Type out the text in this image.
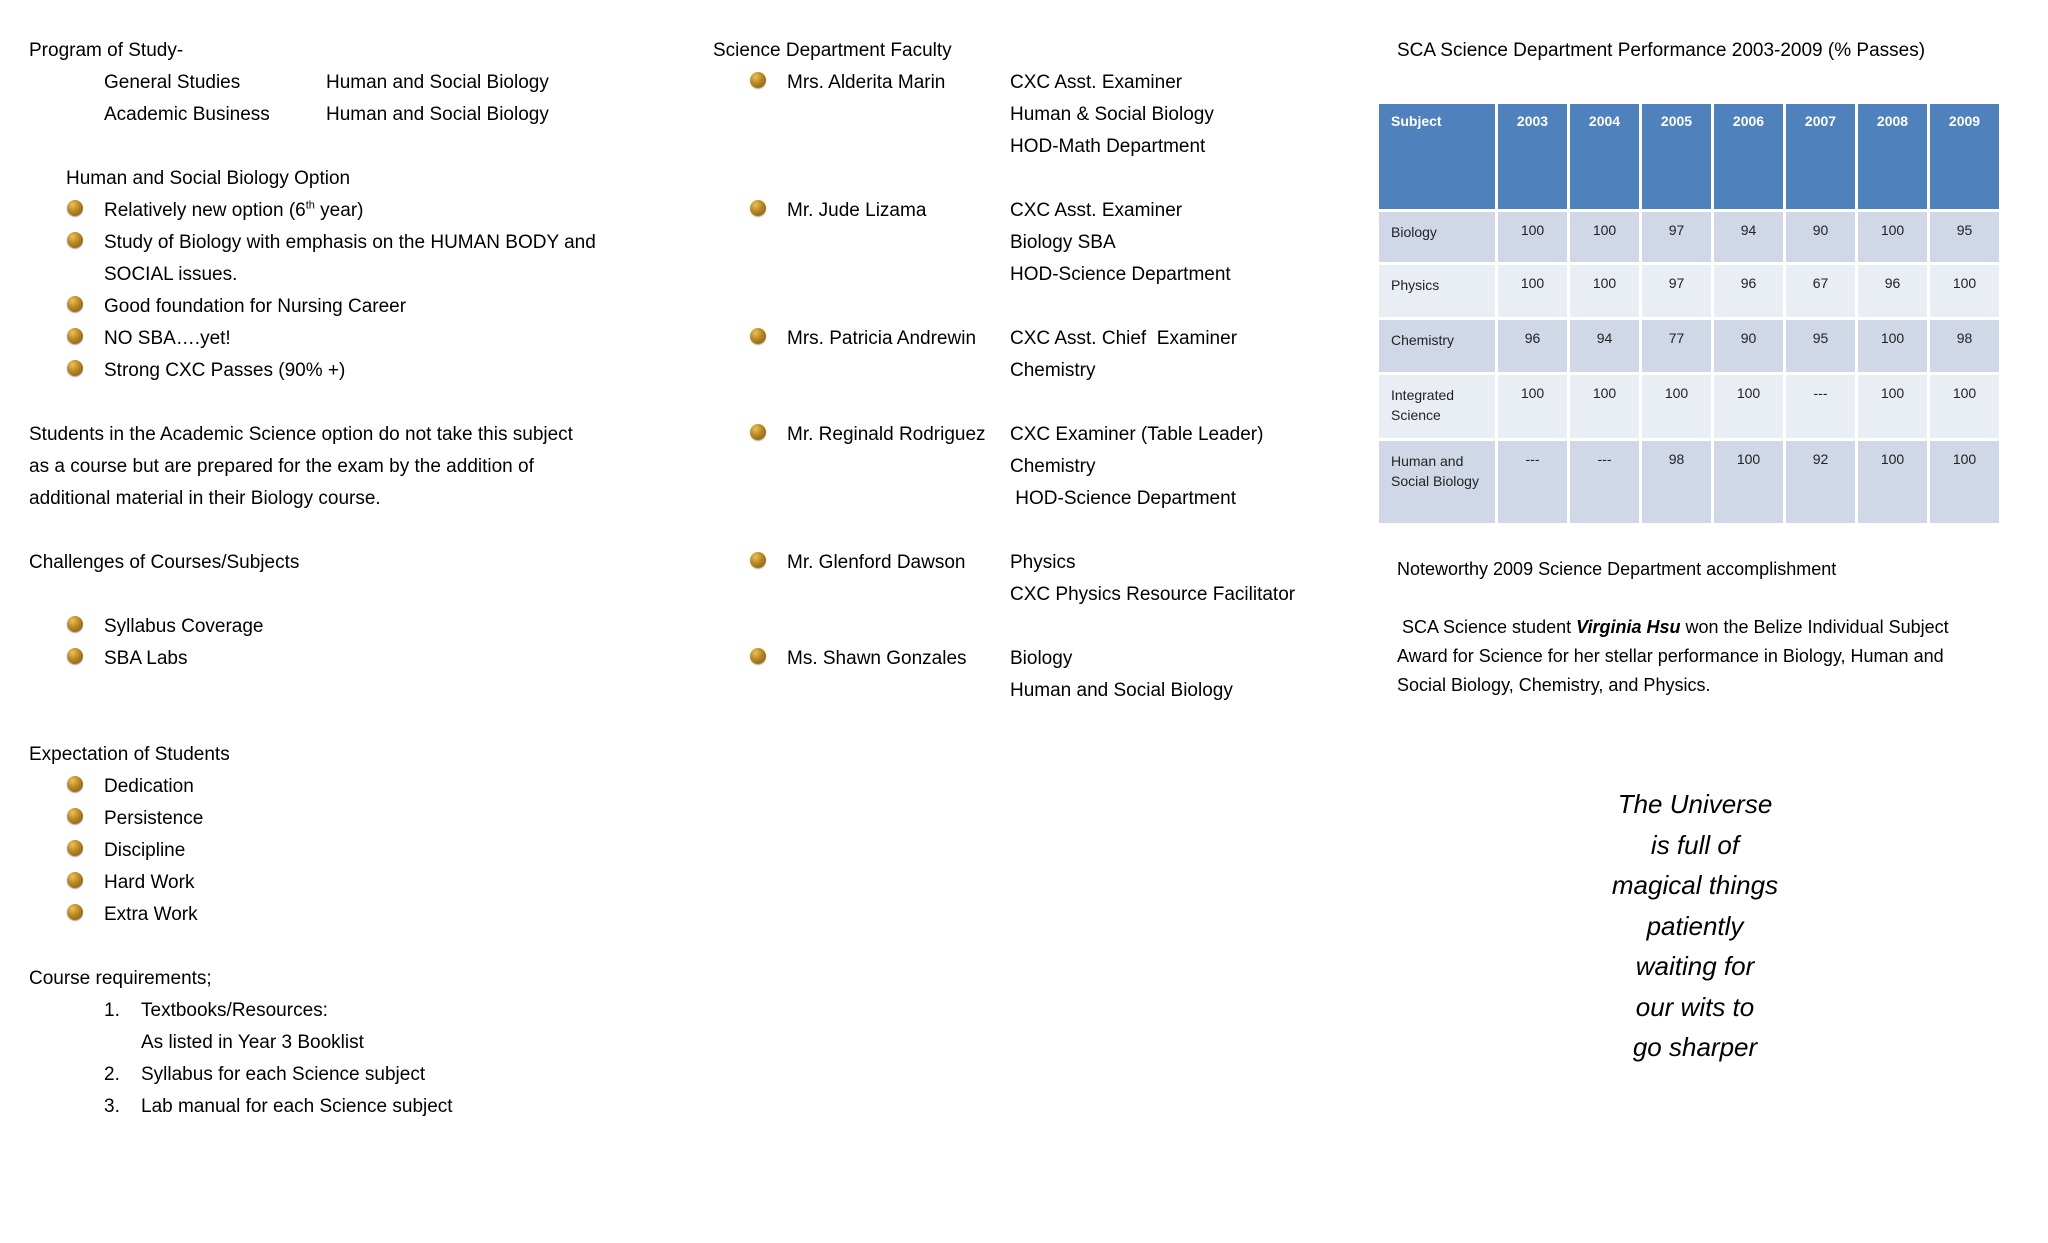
Program of Study-
General Studies	Human and Social Biology
Academic Business	Human and Social Biology
Human and Social Biology Option
Relatively new option (6th year)
Study of Biology with emphasis on the HUMAN BODY and
SOCIAL issues.
Good foundation for Nursing Career
NO SBA….yet!
Strong CXC Passes (90% +)
Students in the Academic Science option do not take this subject
as a course but are prepared for the exam by the addition of
additional material in their Biology course.
Challenges of Courses/Subjects
Syllabus Coverage
SBA Labs
Expectation of Students
Dedication
Persistence
Discipline
Hard Work
Extra Work
Course requirements;
1. Textbooks/Resources:
As listed in Year 3 Booklist
2. Syllabus for each Science subject
3. Lab manual for each Science subject
Science Department Faculty
Mrs. Alderita Marin	CXC Asst. Examiner
Human & Social Biology
HOD-Math Department
Mr. Jude Lizama	CXC Asst. Examiner
Biology SBA
HOD-Science Department
Mrs. Patricia Andrewin CXC Asst. Chief  Examiner
Chemistry
Mr. Reginald Rodriguez CXC Examiner (Table Leader)
Chemistry
HOD-Science Department
Mr. Glenford Dawson Physics
CXC Physics Resource Facilitator
Ms. Shawn Gonzales Biology
Human and Social Biology
SCA Science Department Performance 2003-2009 (% Passes)
Subject	2003	2004	2005	2006	2007	2008	2009
Biology	100	100	97	94	90	100	95
Physics	100	100	97	96	67	96	100
Chemistry	96	94	77	90	95	100	98
Integrated Science	100	100	100	100	---	100	100
Human and Social Biology	---	---	98	100	92	100	100
Noteworthy 2009 Science Department accomplishment
SCA Science student Virginia Hsu won the Belize Individual Subject
Award for Science for her stellar performance in Biology, Human and
Social Biology, Chemistry, and Physics.
The Universe
is full of
magical things
patiently
waiting for
our wits to
go sharper
